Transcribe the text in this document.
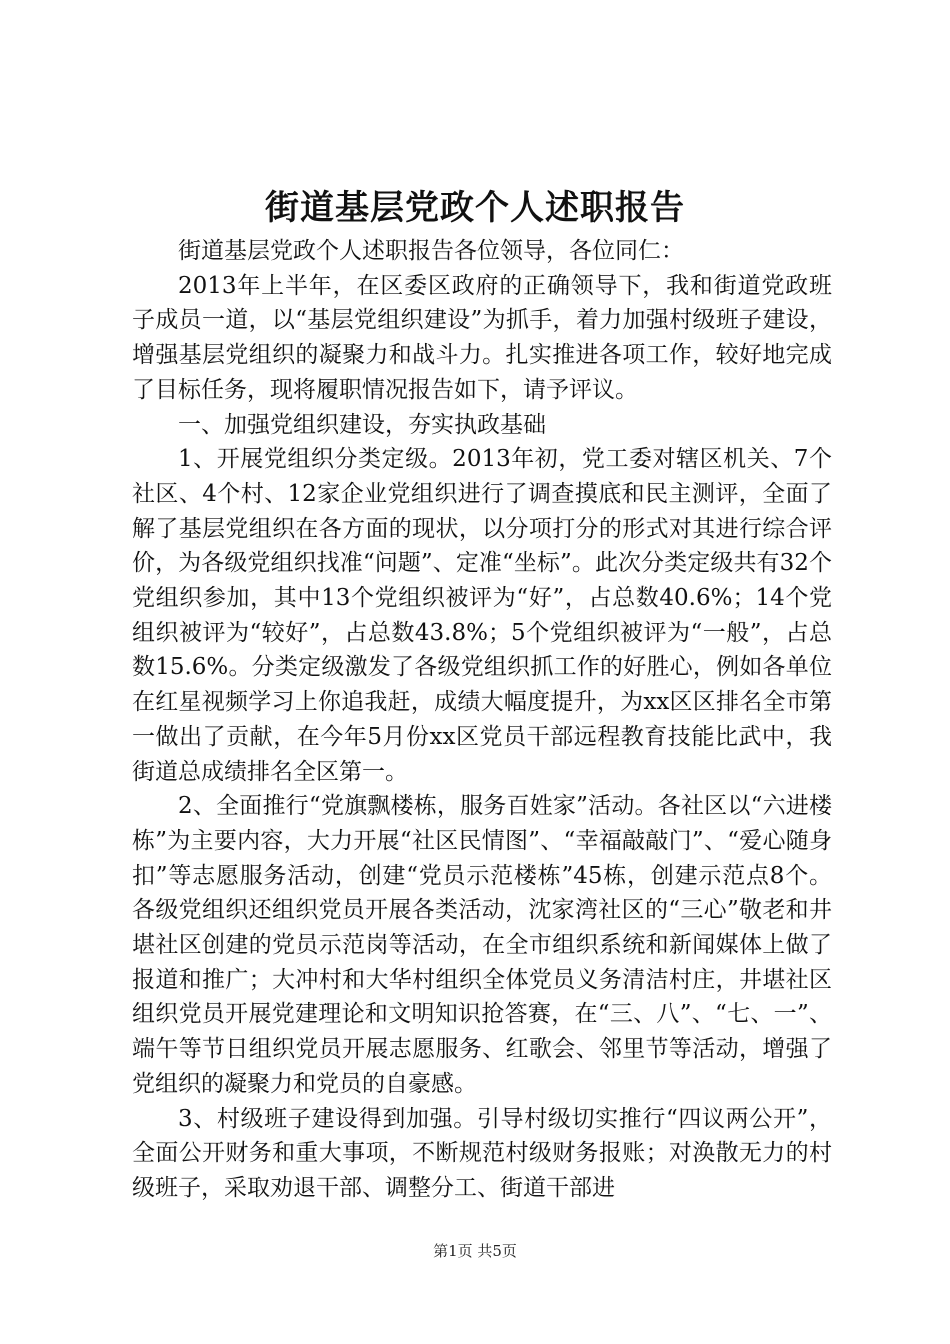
街道基层党政个人述职报告

街道基层党政个人述职报告各位领导，各位同仁：

2013年上半年，在区委区政府的正确领导下，我和街道党政班子成员一道，以“基层党组织建设”为抓手，着力加强村级班子建设，增强基层党组织的凝聚力和战斗力。扎实推进各项工作，较好地完成了目标任务，现将履职情况报告如下，请予评议。

一、加强党组织建设，夯实执政基础

1、开展党组织分类定级。2013年初，党工委对辖区机关、7个社区、4个村、12家企业党组织进行了调查摸底和民主测评，全面了解了基层党组织在各方面的现状，以分项打分的形式对其进行综合评价，为各级党组织找准“问题”、定准“坐标”。此次分类定级共有32个党组织参加，其中13个党组织被评为“好”，占总数40.6%；14个党组织被评为“较好”，占总数43.8%；5个党组织被评为“一般”，占总数15.6%。分类定级激发了各级党组织抓工作的好胜心，例如各单位在红星视频学习上你追我赶，成绩大幅度提升，为xx区区排名全市第一做出了贡献，在今年5月份xx区党员干部远程教育技能比武中，我街道总成绩排名全区第一。

2、全面推行“党旗飘楼栋，服务百姓家”活动。各社区以“六进楼栋”为主要内容，大力开展“社区民情图”、“幸福敲敲门”、“爱心随身扣”等志愿服务活动，创建“党员示范楼栋”45栋，创建示范点8个。各级党组织还组织党员开展各类活动，沈家湾社区的“三心”敬老和井堪社区创建的党员示范岗等活动，在全市组织系统和新闻媒体上做了报道和推广；大冲村和大华村组织全体党员义务清洁村庄，井堪社区组织党员开展党建理论和文明知识抢答赛，在“三、八”、“七、一”、端午等节日组织党员开展志愿服务、红歌会、邻里节等活动，增强了党组织的凝聚力和党员的自豪感。

3、村级班子建设得到加强。引导村级切实推行“四议两公开”，全面公开财务和重大事项，不断规范村级财务报账；对涣散无力的村级班子，采取劝退干部、调整分工、街道干部进

第1页 共5页
